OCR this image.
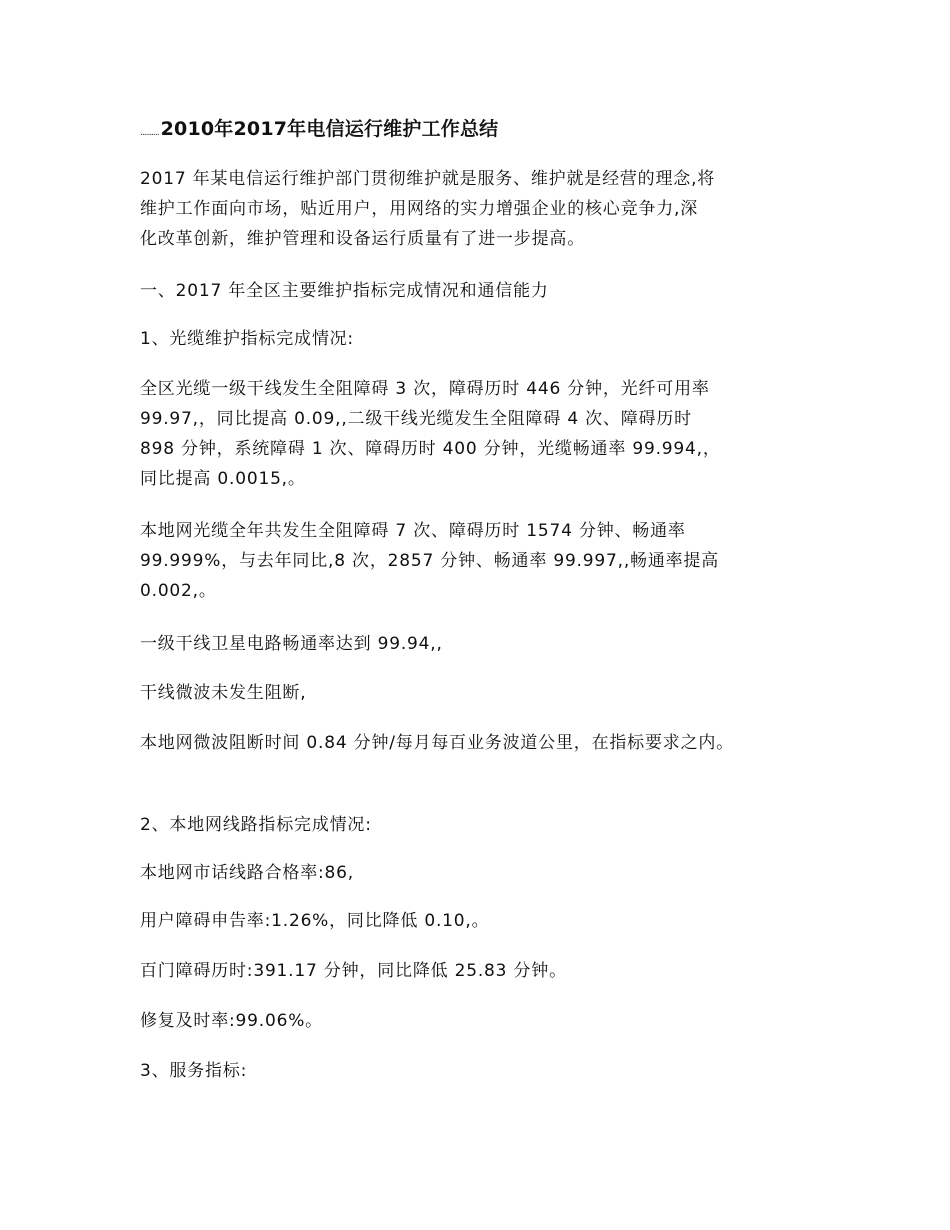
.......... 2010年2017年电信运行维护工作总结
2017 年某电信运行维护部门贯彻维护就是服务、维护就是经营的理念,将
维护工作面向市场，贴近用户，用网络的实力增强企业的核心竞争力,深
化改革创新，维护管理和设备运行质量有了进一步提高。
一、2017 年全区主要维护指标完成情况和通信能力
1、光缆维护指标完成情况:
全区光缆一级干线发生全阻障碍 3 次，障碍历时 446 分钟，光纤可用率
99.97,，同比提高 0.09,,二级干线光缆发生全阻障碍 4 次、障碍历时
898 分钟，系统障碍 1 次、障碍历时 400 分钟，光缆畅通率 99.994,，
同比提高 0.0015,。
本地网光缆全年共发生全阻障碍 7 次、障碍历时 1574 分钟、畅通率
99.999%，与去年同比,8 次，2857 分钟、畅通率 99.997,,畅通率提高
0.002,。
一级干线卫星电路畅通率达到 99.94,,
干线微波未发生阻断,
本地网微波阻断时间 0.84 分钟/每月每百业务波道公里，在指标要求之内。
2、本地网线路指标完成情况:
本地网市话线路合格率:86,
用户障碍申告率:1.26%，同比降低 0.10,。
百门障碍历时:391.17 分钟，同比降低 25.83 分钟。
修复及时率:99.06%。
3、服务指标:
